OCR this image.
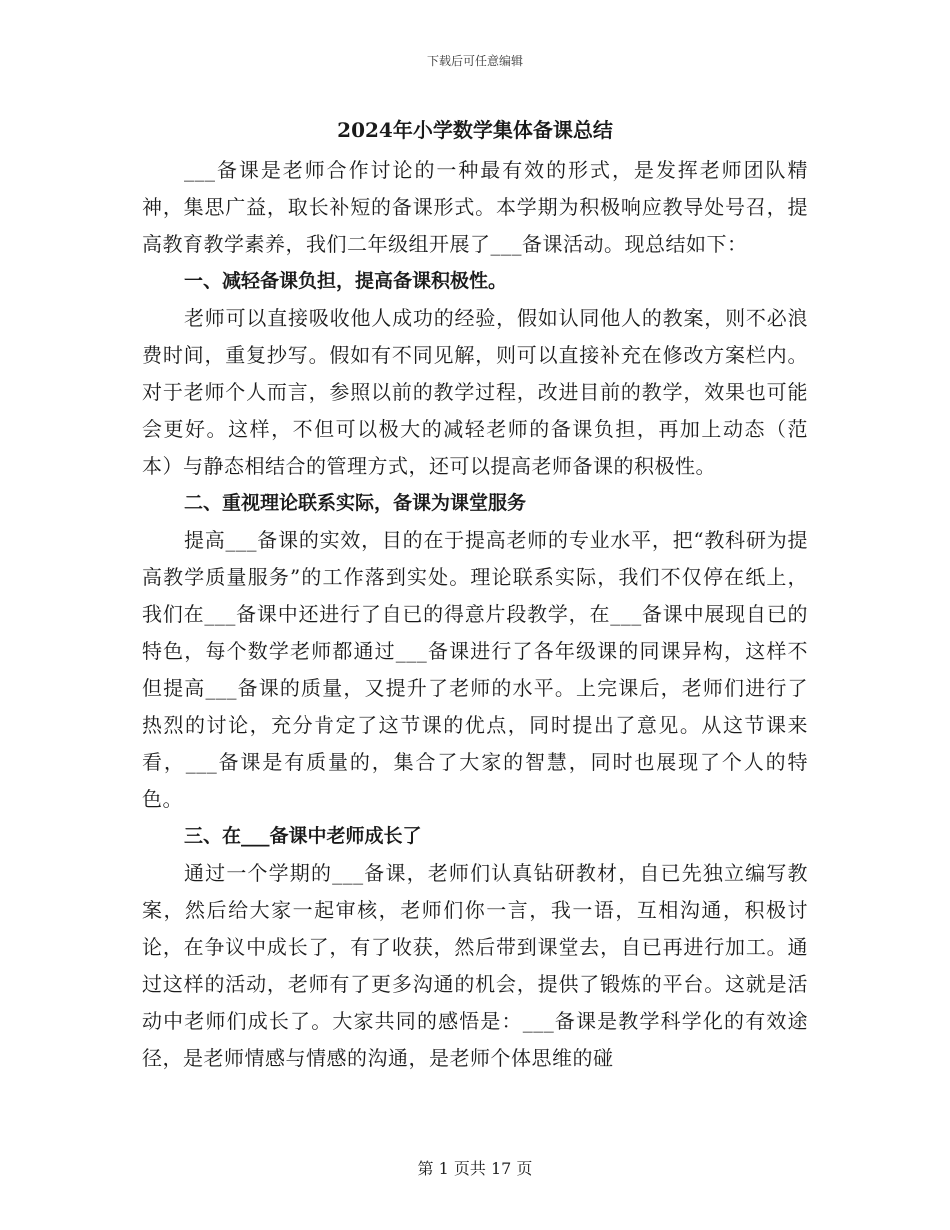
下载后可任意编辑
2024年小学数学集体备课总结

___备课是老师合作讨论的一种最有效的形式，是发挥老师团队精神，集思广益，取长补短的备课形式。本学期为积极响应教导处号召，提高教育教学素养，我们二年级组开展了___备课活动。现总结如下：

一、减轻备课负担，提高备课积极性。

老师可以直接吸收他人成功的经验，假如认同他人的教案，则不必浪费时间，重复抄写。假如有不同见解，则可以直接补充在修改方案栏内。对于老师个人而言，参照以前的教学过程，改进目前的教学，效果也可能会更好。这样，不但可以极大的减轻老师的备课负担，再加上动态（范本）与静态相结合的管理方式，还可以提高老师备课的积极性。

二、重视理论联系实际，备课为课堂服务

提高___备课的实效，目的在于提高老师的专业水平，把“教科研为提高教学质量服务”的工作落到实处。理论联系实际，我们不仅停在纸上，我们在___备课中还进行了自已的得意片段教学，在___备课中展现自已的特色，每个数学老师都通过___备课进行了各年级课的同课异构，这样不但提高___备课的质量，又提升了老师的水平。上完课后，老师们进行了热烈的讨论，充分肯定了这节课的优点，同时提出了意见。从这节课来看，___备课是有质量的，集合了大家的智慧，同时也展现了个人的特色。

三、在___备课中老师成长了

通过一个学期的___备课，老师们认真钻研教材，自已先独立编写教案，然后给大家一起审核，老师们你一言，我一语，互相沟通，积极讨论，在争议中成长了，有了收获，然后带到课堂去，自已再进行加工。通过这样的活动，老师有了更多沟通的机会，提供了锻炼的平台。这就是活动中老师们成长了。大家共同的感悟是：___备课是教学科学化的有效途径，是老师情感与情感的沟通，是老师个体思维的碰

第 1 页共 17 页
